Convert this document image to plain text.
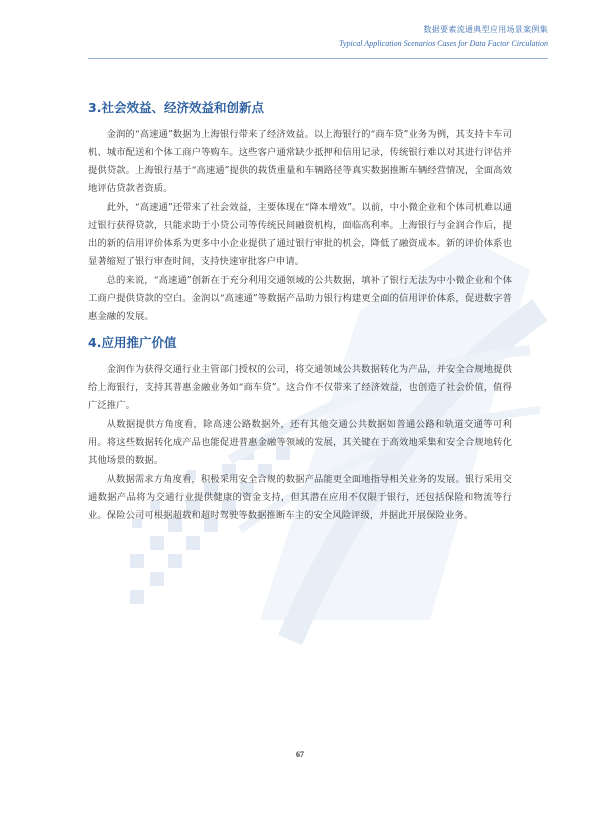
数据要素流通典型应用场景案例集
Typical Application Scenarios Cases for Data Factor Circulation
3.社会效益、经济效益和创新点

金润的“高速通”数据为上海银行带来了经济效益。以上海银行的“商车贷”业务为例，其支持卡车司机、城市配送和个体工商户等购车。这些客户通常缺少抵押和信用记录，传统银行难以对其进行评估并提供贷款。上海银行基于“高速通”提供的载货重量和车辆路径等真实数据推断车辆经营情况，全面高效地评估贷款者资质。

此外，“高速通”还带来了社会效益，主要体现在“降本增效”。以前，中小微企业和个体司机难以通过银行获得贷款，只能求助于小贷公司等传统民间融资机构，面临高利率。上海银行与金润合作后，提出的新的信用评价体系为更多中小企业提供了通过银行审批的机会，降低了融资成本。新的评价体系也显著缩短了银行审查时间，支持快速审批客户申请。

总的来说，“高速通”创新在于充分利用交通领域的公共数据，填补了银行无法为中小微企业和个体工商户提供贷款的空白。金润以“高速通”等数据产品助力银行构建更全面的信用评价体系，促进数字普惠金融的发展。

4.应用推广价值

金润作为获得交通行业主管部门授权的公司，将交通领域公共数据转化为产品，并安全合规地提供给上海银行，支持其普惠金融业务如“商车贷”。这合作不仅带来了经济效益，也创造了社会价值，值得广泛推广。

从数据提供方角度看，除高速公路数据外，还有其他交通公共数据如普通公路和轨道交通等可利用。将这些数据转化成产品也能促进普惠金融等领域的发展，其关键在于高效地采集和安全合规地转化其他场景的数据。

从数据需求方角度看，积极采用安全合规的数据产品能更全面地指导相关业务的发展。银行采用交通数据产品将为交通行业提供健康的资金支持，但其潜在应用不仅限于银行，还包括保险和物流等行业。保险公司可根据超载和超时驾驶等数据推断车主的安全风险评级，并据此开展保险业务。

67
